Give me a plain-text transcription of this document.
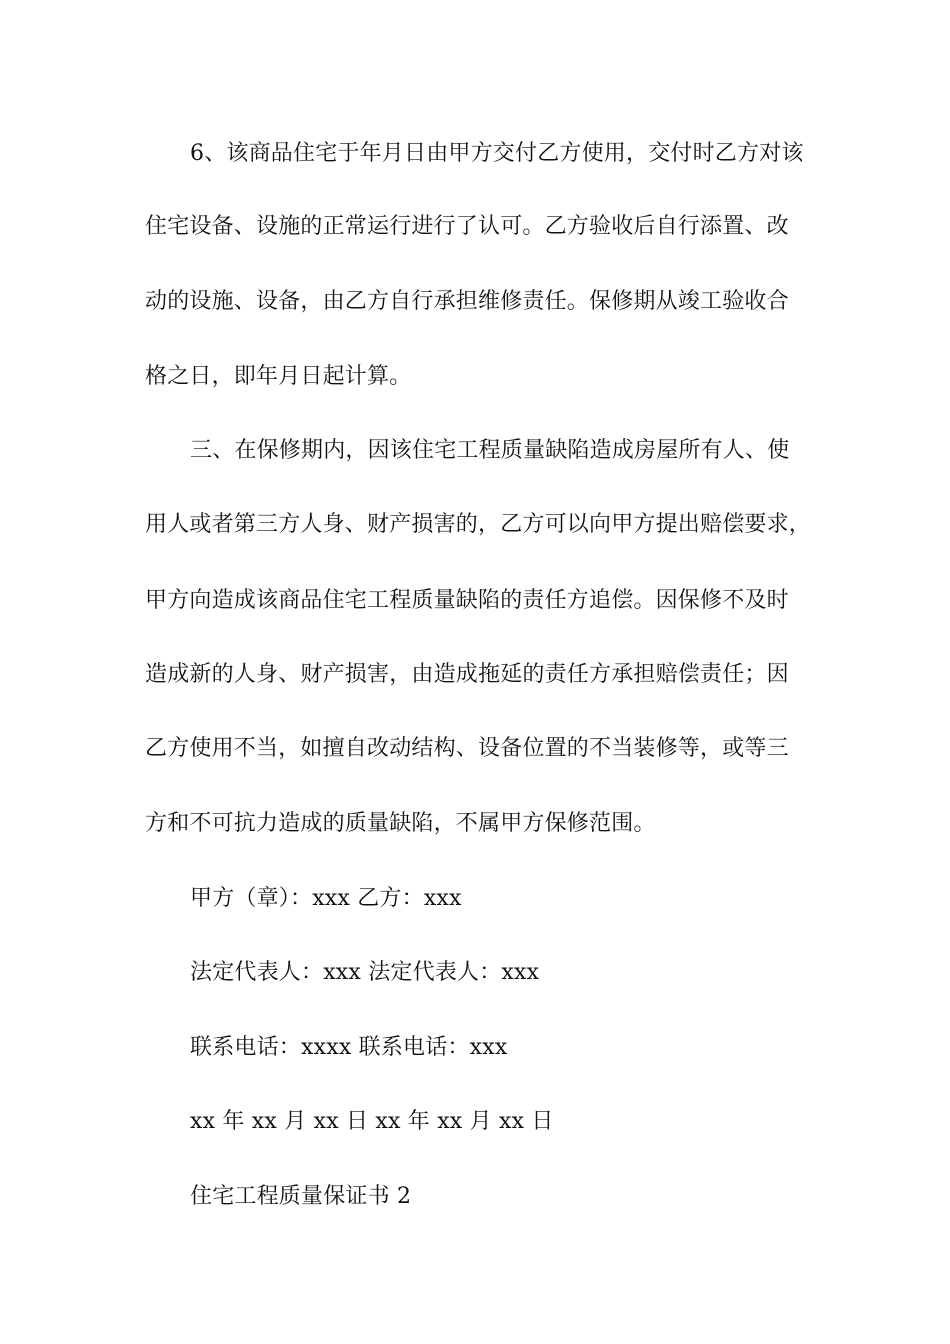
6、该商品住宅于年月日由甲方交付乙方使用，交付时乙方对该
住宅设备、设施的正常运行进行了认可。乙方验收后自行添置、改
动的设施、设备，由乙方自行承担维修责任。保修期从竣工验收合
格之日，即年月日起计算。
三、在保修期内，因该住宅工程质量缺陷造成房屋所有人、使
用人或者第三方人身、财产损害的，乙方可以向甲方提出赔偿要求，
甲方向造成该商品住宅工程质量缺陷的责任方追偿。因保修不及时
造成新的人身、财产损害，由造成拖延的责任方承担赔偿责任；因
乙方使用不当，如擅自改动结构、设备位置的不当装修等，或等三
方和不可抗力造成的质量缺陷，不属甲方保修范围。
甲方（章）：xxx 乙方：xxx
法定代表人：xxx 法定代表人：xxx
联系电话：xxxx 联系电话：xxx
xx 年 xx 月 xx 日 xx 年 xx 月 xx 日
住宅工程质量保证书 2
